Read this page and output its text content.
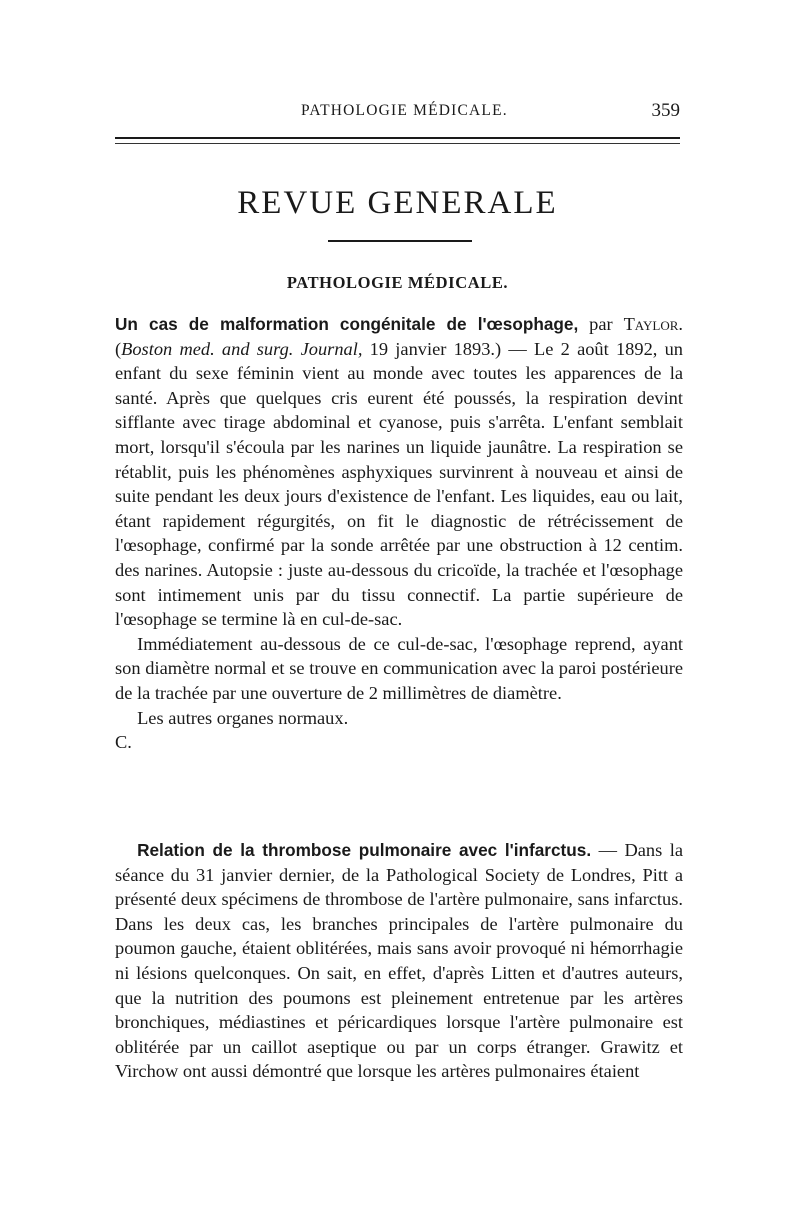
PATHOLOGIE MÉDICALE.	359
REVUE GENERALE
PATHOLOGIE MÉDICALE.

Un cas de malformation congénitale de l'œsophage, par Taylor. (Boston med. and surg. Journal, 19 janvier 1893.) — Le 2 août 1892, un enfant du sexe féminin vient au monde avec toutes les apparences de la santé. Après que quelques cris eurent été poussés, la respiration devint sifflante avec tirage abdominal et cyanose, puis s'arrêta. L'enfant semblait mort, lorsqu'il s'écoula par les narines un liquide jaunâtre. La respiration se rétablit, puis les phénomènes asphyxiques survinrent à nouveau et ainsi de suite pendant les deux jours d'existence de l'enfant. Les liquides, eau ou lait, étant rapidement régurgités, on fit le diagnostic de rétrécissement de l'œsophage, confirmé par la sonde arrêtée par une obstruction à 12 centim. des narines. Autopsie : juste au-dessous du cricoïde, la trachée et l'œsophage sont intimement unis par du tissu connectif. La partie supérieure de l'œsophage se termine là en cul-de-sac.

Immédiatement au-dessous de ce cul-de-sac, l'œsophage reprend, ayant son diamètre normal et se trouve en communication avec la paroi postérieure de la trachée par une ouverture de 2 millimètres de diamètre.

Les autres organes normaux.

C.

Relation de la thrombose pulmonaire avec l'infarctus. — Dans la séance du 31 janvier dernier, de la Pathological Society de Londres, Pitt a présenté deux spécimens de thrombose de l'artère pulmonaire, sans infarctus. Dans les deux cas, les branches principales de l'artère pulmonaire du poumon gauche, étaient oblitérées, mais sans avoir provoqué ni hémorrhagie ni lésions quelconques. On sait, en effet, d'après Litten et d'autres auteurs, que la nutrition des poumons est pleinement entretenue par les artères bronchiques, médiastines et péricardiques lorsque l'artère pulmonaire est oblitérée par un caillot aseptique ou par un corps étranger. Grawitz et Virchow ont aussi démontré que lorsque les artères pulmonaires étaient
